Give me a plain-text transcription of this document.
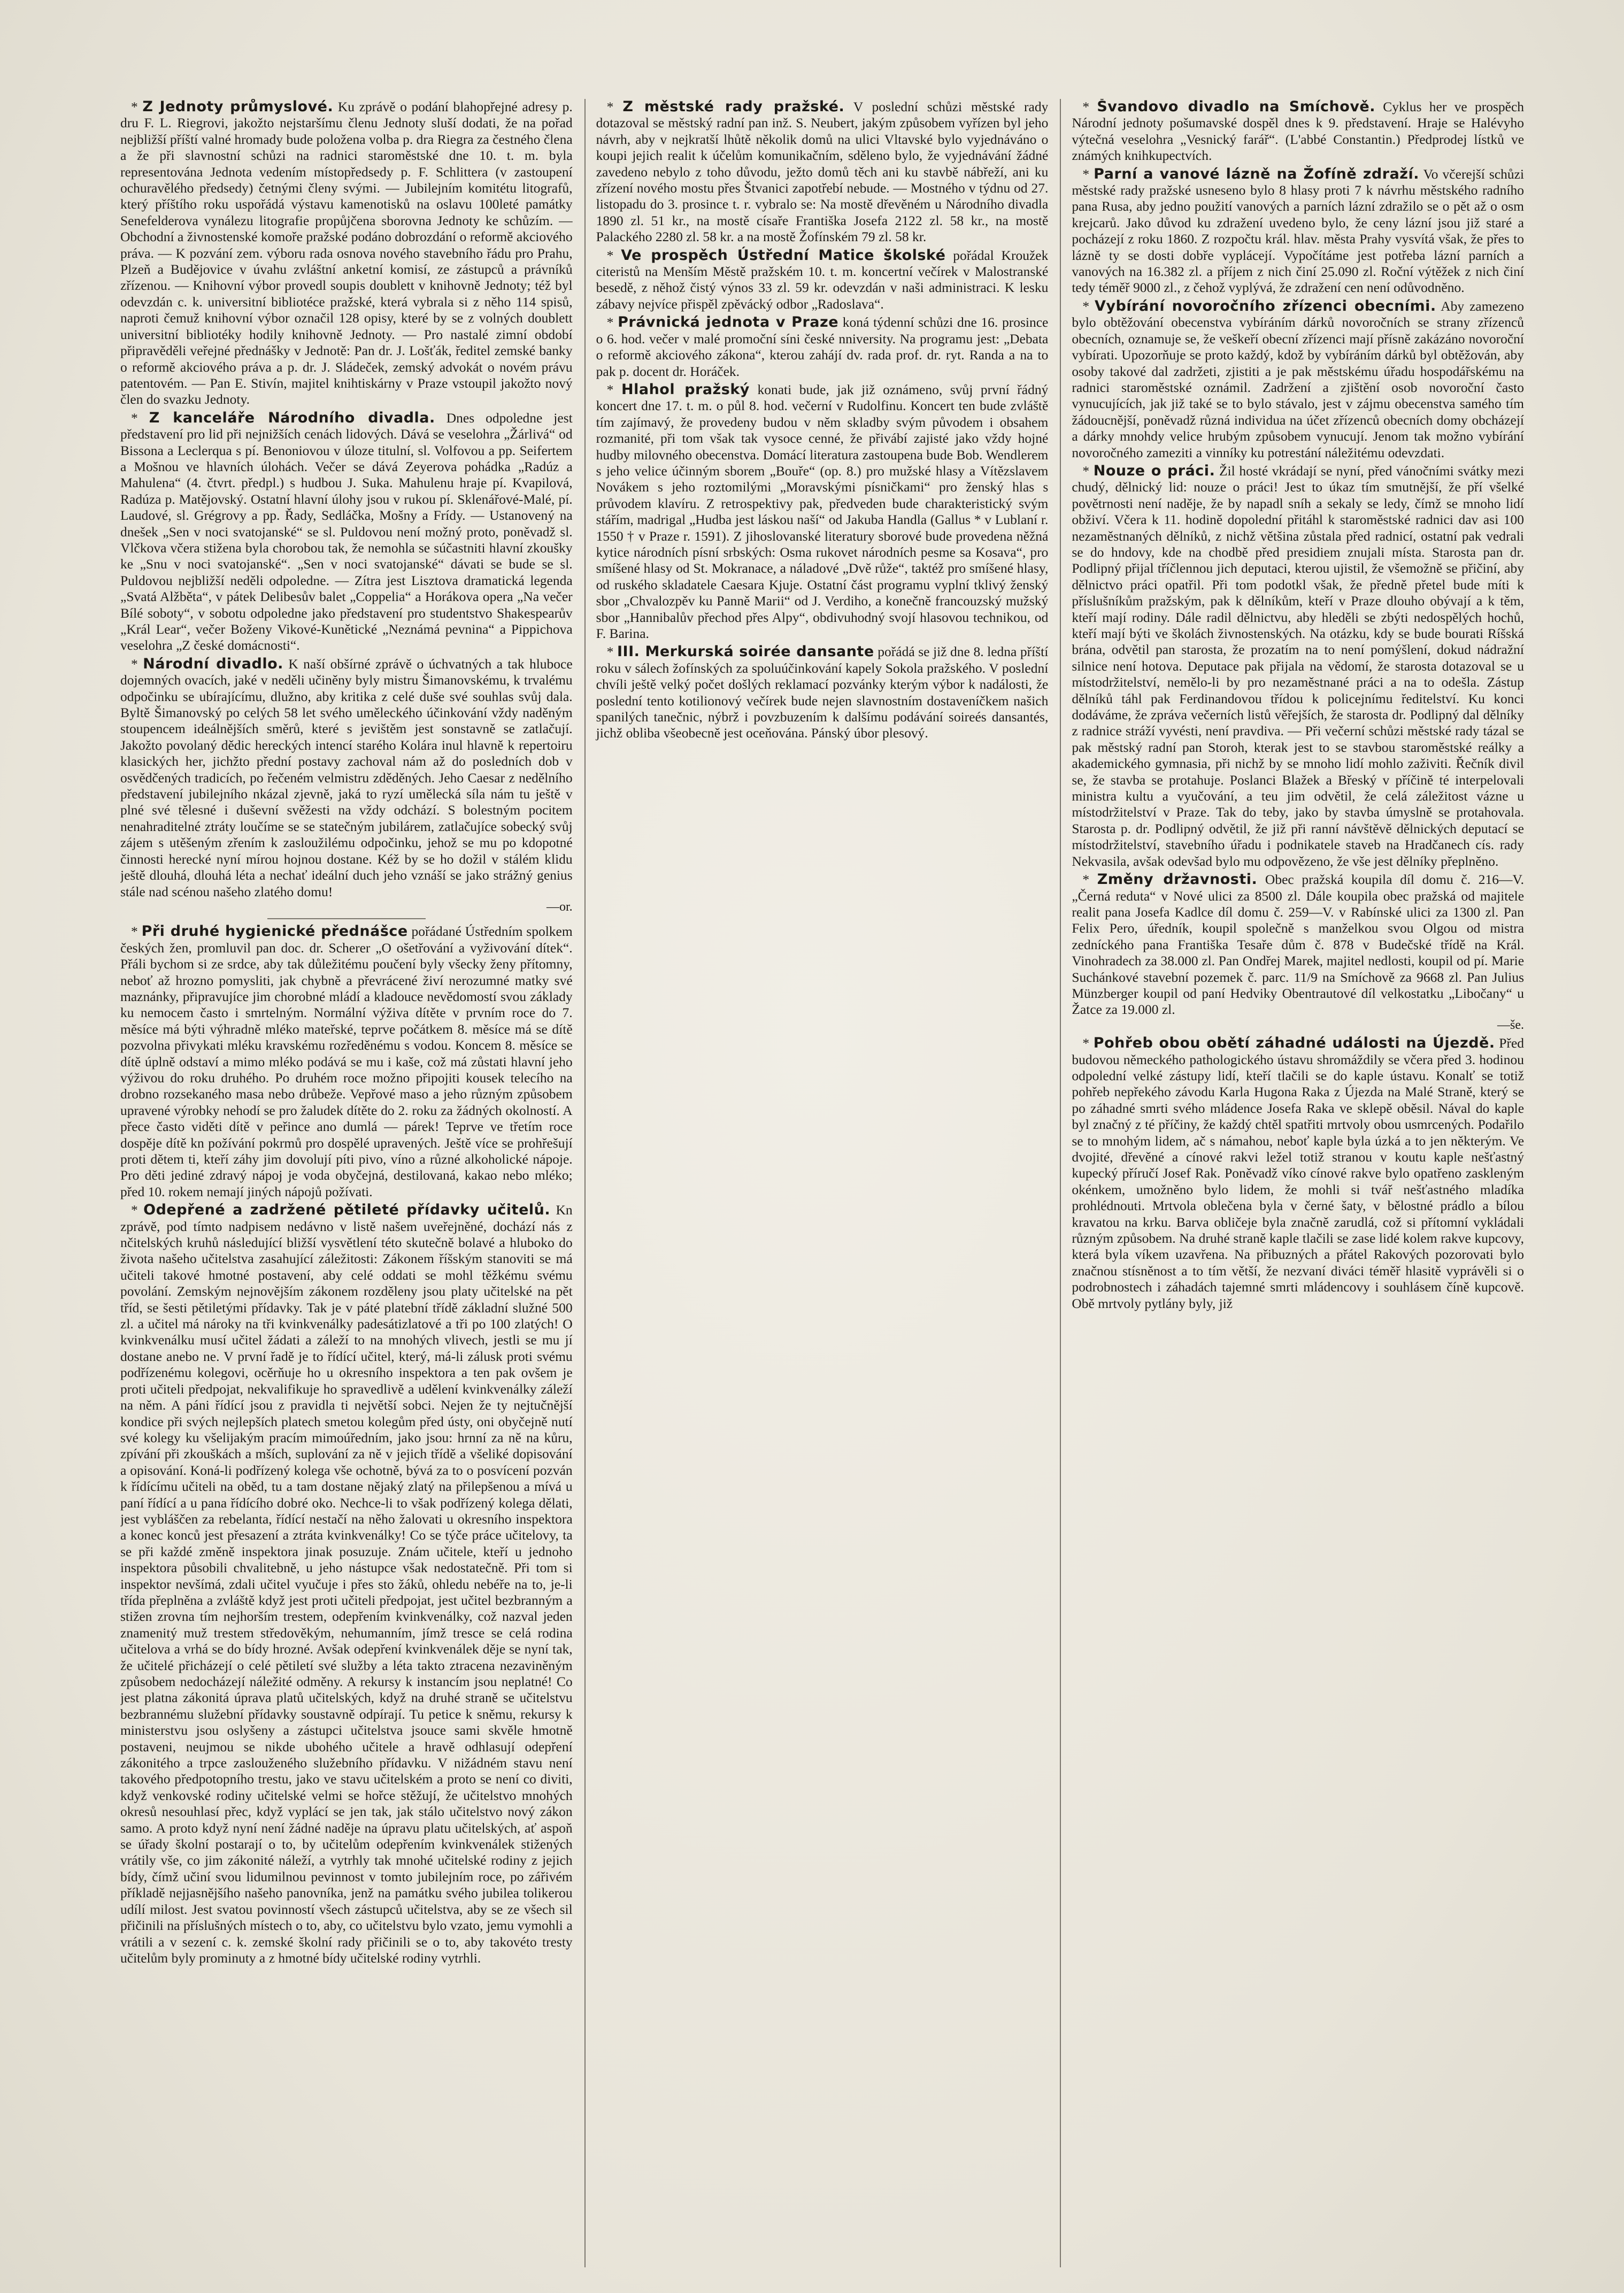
* Z Jednoty průmyslové. Ku zprávě o podání blahopřejné adresy p. dru F. L. Riegrovi, jakožto nejstaršímu členu Jednoty sluší dodati, že na pořad nejbližší příští valné hromady bude položena volba p. dra Riegra za čestného člena a že při slavnostní schůzi na radnici staroměstské dne 10. t. m. byla representována Jednota vedením místopředsedy p. F. Schlittera (v zastoupení ochuravělého předsedy) četnými členy svými. — Jubilejním komitétu litografů, který příštího roku uspořádá výstavu kamenotisků na oslavu 100leté památky Senefelderova vynálezu litografie propůjčena sborovna Jednoty ke schůzím. — Obchodní a živnostenské komoře pražské podáno dobrozdání o reformě akciového práva. — K pozvání zem. výboru rada osnova nového stavebního řádu pro Prahu, Plzeň a Budějovice v úvahu zvláštní anketní komisí, ze zástupců a právníků zřízenou. — Knihovní výbor provedl soupis doublett v knihovně Jednoty; též byl odevzdán c. k. universitní bibliotéce pražské, která vybrala si z něho 114 spisů, naproti čemuž knihovní výbor označil 128 opisy, které by se z volných doublett universitní bibliotéky hodily knihovně Jednoty. — Pro nastalé zimní období připravěděli veřejné přednášky v Jednotě: Pan dr. J. Lošťák, ředitel zemské banky o reformě akciového práva a p. dr. J. Sládeček, zemský advokát o novém právu patentovém. — Pan E. Stivín, majitel knihtiskárny v Praze vstoupil jakožto nový člen do svazku Jednoty.

* Z kanceláře Národního divadla. Dnes odpoledne jest představení pro lid při nejnižších cenách lidových. Dává se veselohra „Žárlivá“ od Bissona a Leclerqua s pí. Benoniovou v úloze titulní, sl. Volfovou a pp. Seifertem a Mošnou ve hlavních úlohách. Večer se dává Zeyerova pohádka „Radúz a Mahulena“ (4. čtvrt. předpl.) s hudbou J. Suka. Mahulenu hraje pí. Kvapilová, Radúza p. Matějovský. Ostatní hlavní úlohy jsou v rukou pí. Sklenářové-Malé, pí. Laudové, sl. Grégrovy a pp. Řady, Sedláčka, Mošny a Frídy. — Ustanovený na dnešek „Sen v noci svatojanské“ se sl. Puldovou není možný proto, poněvadž sl. Vlčkova včera stižena byla chorobou tak, že nemohla se súčastniti hlavní zkoušky ke „Snu v noci svatojanské“. „Sen v noci svatojanské“ dávati se bude se sl. Puldovou nejbližší neděli odpoledne. — Zítra jest Lisztova dramatická legenda „Svatá Alžběta“, v pátek Delibesův balet „Coppelia“ a Horákova opera „Na večer Bílé soboty“, v sobotu odpoledne jako představení pro studentstvo Shakespearův „Král Lear“, večer Boženy Vikové-Kunětické „Neznámá pevnina“ a Pippichova veselohra „Z české domácnosti“.

* Národní divadlo. K naší obšírné zprávě o úchvatných a tak hluboce dojemných ovacích, jaké v neděli učiněny byly mistru Šimanovskému, k trvalému odpočinku se ubírajícímu, dlužno, aby kritika z celé duše své souhlas svůj dala. Byltě Šimanovský po celých 58 let svého uměleckého účinkování vždy naděným stoupencem ideálnějších směrů, které s jevištěm jest sonstavně se zatlačují. Jakožto povolaný dědic hereckých intencí starého Kolára inul hlavně k repertoiru klasických her, jichžto přední postavy zachoval nám až do posledních dob v osvědčených tradicích, po řečeném velmistru zděděných. Jeho Caesar z nedělního představení jubilejního nkázal zjevně, jaká to ryzí umělecká síla nám tu ještě v plné své tělesné i duševní svěžesti na vždy odchází. S bolestným pocitem nenahraditelné ztráty loučíme se se statečným jubilárem, zatlačujíce sobecký svůj zájem s utěšeným zřením k zasloužilému odpočinku, jehož se mu po kdopotné činnosti herecké nyní mírou hojnou dostane. Kéž by se ho dožil v stálém klidu ještě dlouhá, dlouhá léta a nechať ideální duch jeho vznáší se jako strážný genius stále nad scénou našeho zlatého domu!
—or.

* Při druhé hygienické přednášce pořádané Ústředním spolkem českých žen, promluvil pan doc. dr. Scherer „O ošetřování a vyživování dítek“. Přáli bychom si ze srdce, aby tak důležitému poučení byly všecky ženy přítomny, neboť až hrozno pomysliti, jak chybně a převrácené živí nerozumné matky své maznánky, připravujíce jim chorobné mládí a kladouce nevědomostí svou základy ku nemocem často i smrtelným. Normální výživa dítěte v prvním roce do 7. měsíce má býti výhradně mléko mateřské, teprve počátkem 8. měsíce má se dítě pozvolna přivykati mléku kravskému rozředěnému s vodou. Koncem 8. měsíce se dítě úplně odstaví a mimo mléko podává se mu i kaše, což má zůstati hlavní jeho výživou do roku druhého. Po druhém roce možno připojiti kousek telecího na drobno rozsekaného masa nebo drůbeže. Vepřové maso a jeho různým způsobem upravené výrobky nehodí se pro žaludek dítěte do 2. roku za žádných okolností. A přece často viděti dítě v peřince ano dumlá — párek! Teprve ve třetím roce dospěje dítě kn požívání pokrmů pro dospělé upravených. Ještě více se prohřešují proti dětem ti, kteří záhy jim dovolují píti pivo, víno a různé alkoholické nápoje. Pro děti jediné zdravý nápoj je voda obyčejná, destilovaná, kakao nebo mléko; před 10. rokem nemají jiných nápojů požívati.

* Odepřené a zadržené pětileté přídavky učitelů. Kn zprávě, pod tímto nadpisem nedávno v listě našem uveřejněné, dochází nás z nčitelských kruhů následující bližší vysvětlení této skutečně bolavé a hluboko do života našeho učitelstva zasahující záležitosti: Zákonem říšským stanoviti se má učiteli takové hmotné postavení, aby celé oddati se mohl těžkému svému povolání. Zemským nejnovějším zákonem rozděleny jsou platy učitelské na pět tříd, se šesti pětiletými přídavky. Tak je v páté platební třídě základní služné 500 zl. a učitel má nároky na tři kvinkvenálky padesátizlatové a tři po 100 zlatých! O kvinkvenálku musí učitel žádati a záleží to na mnohých vlivech, jestli se mu jí dostane anebo ne. V první řadě je to řídící učitel, který, má-li zálusk proti svému podřízenému kolegovi, ocěrňuje ho u okresního inspektora a ten pak ovšem je proti učiteli předpojat, nekvalifikuje ho spravedlivě a udělení kvinkvenálky záleží na něm. A páni řídící jsou z pravidla ti největší sobci. Nejen že ty nejtučnější kondice při svých nejlepších platech smetou kolegům před ústy, oni obyčejně nutí své kolegy ku všelijakým pracím mimoúředním, jako jsou: hrnní za ně na kůru, zpívání při zkouškách a mších, suplování za ně v jejich třídě a všeliké dopisování a opisování. Koná-li podřízený kolega vše ochotně, bývá za to o posvícení pozván k řídícímu učiteli na oběd, tu a tam dostane nějaký zlatý na přilepšenou a mívá u paní řídící a u pana řídícího dobré oko. Nechce-li to však podřízený kolega dělati, jest vybláščen za rebelanta, řídící nestačí na něho žalovati u okresního inspektora a konec konců jest přesazení a ztráta kvinkvenálky! Co se týče práce učitelovy, ta se při každé změně inspektora jinak posuzuje. Znám učitele, kteří u jednoho inspektora působili chvalitebně, u jeho nástupce však nedostatečně. Při tom si inspektor nevšímá, zdali učitel vyučuje i přes sto žáků, ohledu nebéře na to, je-li třída přeplněna a zvláště když jest proti učiteli předpojat, jest učitel bezbranným a stižen zrovna tím nejhorším trestem, odepřením kvinkvenálky, což nazval jeden znamenitý muž trestem středověkým, nehumanním, jímž tresce se celá rodina učitelova a vrhá se do bídy hrozné. Avšak odepření kvinkvenálek děje se nyní tak, že učitelé přicházejí o celé pětiletí své služby a léta takto ztracena nezaviněným způsobem nedocházejí náležité odměny. A rekursy k instancím jsou neplatné! Co jest platna zákonitá úprava platů učitelských, když na druhé straně se učitelstvu bezbrannému služební přídavky soustavně odpírají. Tu petice k sněmu, rekursy k ministerstvu jsou oslyšeny a zástupci učitelstva jsouce sami skvěle hmotně postaveni, neujmou se nikde ubohého učitele a hravě odhlasují odepření zákonitého a trpce zaslouženého služebního přídavku. V nižádném stavu není takového předpotopního trestu, jako ve stavu učitelském a proto se není co diviti, když venkovské rodiny učitelské velmi se hořce stěžují, že učitelstvo mnohých okresů nesouhlasí přec, když vyplácí se jen tak, jak stálo učitelstvo nový zákon samo. A proto když nyní není žádné naděje na úpravu platu učitelských, ať aspoň se úřady školní postarají o to, by učitelům odepřením kvinkvenálek stižených vrátily vše, co jim zákonité náleží, a vytrhly tak mnohé učitelské rodiny z jejich bídy, čímž učiní svou lidumilnou pevinnost v tomto jubilejním roce, po zářivém příkladě nejjasnějšího našeho panovníka, jenž na památku svého jubilea tolikerou udílí milost. Jest svatou povinností všech zástupců učitelstva, aby se ze všech sil přičinili na příslušných místech o to, aby, co učitelstvu bylo vzato, jemu vymohli a vrátili a v sezení c. k. zemské školní rady přičinili se o to, aby takovéto tresty učitelům byly prominuty a z hmotné bídy učitelské rodiny vytrhli.

* Z městské rady pražské. V poslední schůzi městské rady dotazoval se městský radní pan inž. S. Neubert, jakým způsobem vyřízen byl jeho návrh, aby v nejkratší lhůtě několik domů na ulici Vltavské bylo vyjednáváno o koupi jejich realit k účelům komunikačním, sděleno bylo, že vyjednávání žádné zavedeno nebylo z toho důvodu, ježto domů těch ani ku stavbě nábřeží, ani ku zřízení nového mostu přes Štvanici zapotřebí nebude. — Mostného v týdnu od 27. listopadu do 3. prosince t. r. vybralo se: Na mostě dřevěném u Národního divadla 1890 zl. 51 kr., na mostě císaře Františka Josefa 2122 zl. 58 kr., na mostě Palackého 2280 zl. 58 kr. a na mostě Žofínském 79 zl. 58 kr.

* Ve prospěch Ústřední Matice školské pořádal Kroužek citeristů na Menším Městě pražském 10. t. m. koncertní večírek v Malostranské besedě, z něhož čistý výnos 33 zl. 59 kr. odevzdán v naši administraci. K lesku zábavy nejvíce přispěl zpěvácký odbor „Radoslava“.

* Právnická jednota v Praze koná týdenní schůzi dne 16. prosince o 6. hod. večer v malé promoční síni české nniversity. Na programu jest: „Debata o reformě akciového zákona“, kterou zahájí dv. rada prof. dr. ryt. Randa a na to pak p. docent dr. Horáček.

* Hlahol pražský konati bude, jak již oznámeno, svůj první řádný koncert dne 17. t. m. o půl 8. hod. večerní v Rudolfinu. Koncert ten bude zvláště tím zajímavý, že provedeny budou v něm skladby svým původem i obsahem rozmanité, při tom však tak vysoce cenné, že přivábí zajisté jako vždy hojné hudby milovného obecenstva. Domácí literatura zastoupena bude Bob. Wendlerem s jeho velice účinným sborem „Bouře“ (op. 8.) pro mužské hlasy a Vítězslavem Novákem s jeho roztomilými „Moravskými písničkami“ pro ženský hlas s průvodem klavíru. Z retrospektivy pak, předveden bude charakteristický svým stářím, madrigal „Hudba jest láskou naší“ od Jakuba Handla (Gallus * v Lublaní r. 1550 † v Praze r. 1591). Z jihoslovanské literatury sborové bude provedena něžná kytice národních písní srbských: Osma rukovet národních pesme sa Kosava“, pro smíšené hlasy od St. Mokranace, a náladové „Dvě růže“, taktéž pro smíšené hlasy, od ruského skladatele Caesara Kjuje. Ostatní část programu vyplní tklivý ženský sbor „Chvalozpěv ku Panně Marii“ od J. Verdiho, a konečně francouzský mužský sbor „Hannibalův přechod přes Alpy“, obdivuhodný svojí hlasovou technikou, od F. Barina.

* III. Merkurská soirée dansante pořádá se již dne 8. ledna příští roku v sálech žofínských za spoluúčinkování kapely Sokola pražského. V poslední chvíli ještě velký počet došlých reklamací pozvánky kterým výbor k nadálosti, že poslední tento kotilionový večírek bude nejen slavnostním dostaveníčkem našich spanilých tanečnic, nýbrž i povzbuzením k dalšímu podávání soireés dansantés, jichž obliba všeobecně jest oceňována. Pánský úbor plesový.

* Švandovo divadlo na Smíchově. Cyklus her ve prospěch Národní jednoty pošumavské dospěl dnes k 9. představení. Hraje se Halévyho výtečná veselohra „Vesnický farář“. (L'abbé Constantin.) Předprodej lístků ve známých knihkupectvích.

* Parní a vanové lázně na Žofíně zdraží. Vo včerejší schůzi městské rady pražské usneseno bylo 8 hlasy proti 7 k návrhu městského radního pana Rusa, aby jedno použití vanových a parních lázní zdražilo se o pět až o osm krejcarů. Jako důvod ku zdražení uvedeno bylo, že ceny lázní jsou již staré a pocházejí z roku 1860. Z rozpočtu král. hlav. města Prahy vysvítá však, že přes to lázně ty se dosti dobře vyplácejí. Vypočítáme jest potřeba lázní parních a vanových na 16.382 zl. a příjem z nich činí 25.090 zl. Roční výtěžek z nich činí tedy téměř 9000 zl., z čehož vyplývá, že zdražení cen není odůvodněno.

* Vybírání novoročního zřízenci obecními. Aby zamezeno bylo obtěžování obecenstva vybíráním dárků novoročních se strany zřízenců obecních, oznamuje se, že veškeří obecní zřízenci mají přísně zakázáno novoroční vybírati. Upozorňuje se proto každý, kdož by vybíráním dárků byl obtěžován, aby osoby takové dal zadržeti, zjistiti a je pak městskému úřadu hospodářskému na radnici staroměstské oznámil. Zadržení a zjištění osob novoroční často vynucujících, jak již také se to bylo stávalo, jest v zájmu obecenstva samého tím žádoucnější, poněvadž různá individua na účet zřízenců obecních domy obcházejí a dárky mnohdy velice hrubým způsobem vynucují. Jenom tak možno vybírání novoročného zameziti a vinníky ku potrestání náležitému odevzdati.

* Nouze o práci. Žil hosté vkrádají se nyní, před vánočními svátky mezi chudý, dělnický lid: nouze o práci! Jest to úkaz tím smutnější, že pří všelké povětrnosti není naděje, že by napadl sníh a sekaly se ledy, čímž se mnoho lidí obživí. Včera k 11. hodině dopolední přitáhl k staroměstské radnici dav asi 100 nezaměstnaných dělníků, z nichž většina zůstala před radnicí, ostatní pak vedrali se do hndovy, kde na chodbě před presidiem znujali místa. Starosta pan dr. Podlipný přijal tříčlennou jich deputaci, kterou ujistil, že všemožně se přičiní, aby dělnictvo práci opatřil. Při tom podotkl však, že předně přetel bude míti k příslušníkům pražským, pak k dělníkům, kteří v Praze dlouho obývají a k těm, kteří mají rodiny. Dále radil dělnictvu, aby hleděli se zbýti nedospělých hochů, kteří mají býti ve školách živnostenských. Na otázku, kdy se bude bourati Ríšská brána, odvětil pan starosta, že prozatím na to není pomýšlení, dokud nádražní silnice není hotova. Deputace pak přijala na vědomí, že starosta dotazoval se u místodržitelství, nemělo-li by pro nezaměstnané práci a na to odešla. Zástup dělníků táhl pak Ferdinandovou třídou k policejnímu ředitelství. Ku konci dodáváme, že zpráva večerních listů věřejších, že starosta dr. Podlipný dal dělníky z radnice stráží vyvésti, není pravdiva. — Při večerní schůzi městské rady tázal se pak městský radní pan Storoh, kterak jest to se stavbou staroměstské reálky a akademického gymnasia, při nichž by se mnoho lidí mohlo zaživiti. Řečník divil se, že stavba se protahuje. Poslanci Blažek a Břeský v příčině té interpelovali ministra kultu a vyučování, a teu jim odvětil, že celá záležitost vázne u místodržitelství v Praze. Tak do teby, jako by stavba úmyslně se protahovala. Starosta p. dr. Podlipný odvětil, že již při ranní návštěvě dělnických deputací se místodržitelství, stavebního úřadu i podnikatele staveb na Hradčanech cís. rady Nekvasila, avšak odevšad bylo mu odpovězeno, že vše jest dělníky přeplněno.

* Změny državnosti. Obec pražská koupila díl domu č. 216—V. „Černá reduta“ v Nové ulici za 8500 zl. Dále koupila obec pražská od majitele realit pana Josefa Kadlce díl domu č. 259—V. v Rabínské ulici za 1300 zl. Pan Felix Pero, úředník, koupil společně s manželkou svou Olgou od mistra zedníckého pana Františka Tesaře dům č. 878 v Budečské třídě na Král. Vinohradech za 38.000 zl. Pan Ondřej Marek, majitel nedlosti, koupil od pí. Marie Suchánkové stavební pozemek č. parc. 11/9 na Smíchově za 9668 zl. Pan Julius Münzberger koupil od paní Hedviky Obentrautové díl velkostatku „Libočany“ u Žatce za 19.000 zl.
—še.

* Pohřeb obou obětí záhadné události na Újezdě. Před budovou německého pathologického ústavu shromáždily se včera před 3. hodinou odpolední velké zástupy lidí, kteří tlačili se do kaple ústavu. Konalť se totiž pohřeb nepřekého závodu Karla Hugona Raka z Újezda na Malé Straně, který se po záhadné smrti svého mládence Josefa Raka ve sklepě oběsil. Nával do kaple byl značný z té příčiny, že každý chtěl spatřiti mrtvoly obou usmrcených. Podařilo se to mnohým lidem, ač s námahou, neboť kaple byla úzká a to jen některým. Ve dvojité, dřevěné a cínové rakvi ležel totiž stranou v koutu kaple nešťastný kupecký příručí Josef Rak. Poněvadž víko cínové rakve bylo opatřeno zaskleným okénkem, umožněno bylo lidem, že mohli si tvář nešťastného mladíka prohlédnouti. Mrtvola oblečena byla v černé šaty, v bělostné prádlo a bílou kravatou na krku. Barva obličeje byla značně zarudlá, což si přítomní vykládali různým způsobem. Na druhé straně kaple tlačili se zase lidé kolem rakve kupcovy, která byla víkem uzavřena. Na přibuzných a přátel Rakových pozorovati bylo značnou stísněnost a to tím větší, že nezvaní diváci téměř hlasitě vyprávěli si o podrobnostech i záhadách tajemné smrti mládencovy i souhlásem číně kupcově. Obě mrtvoly pytlány byly, již
